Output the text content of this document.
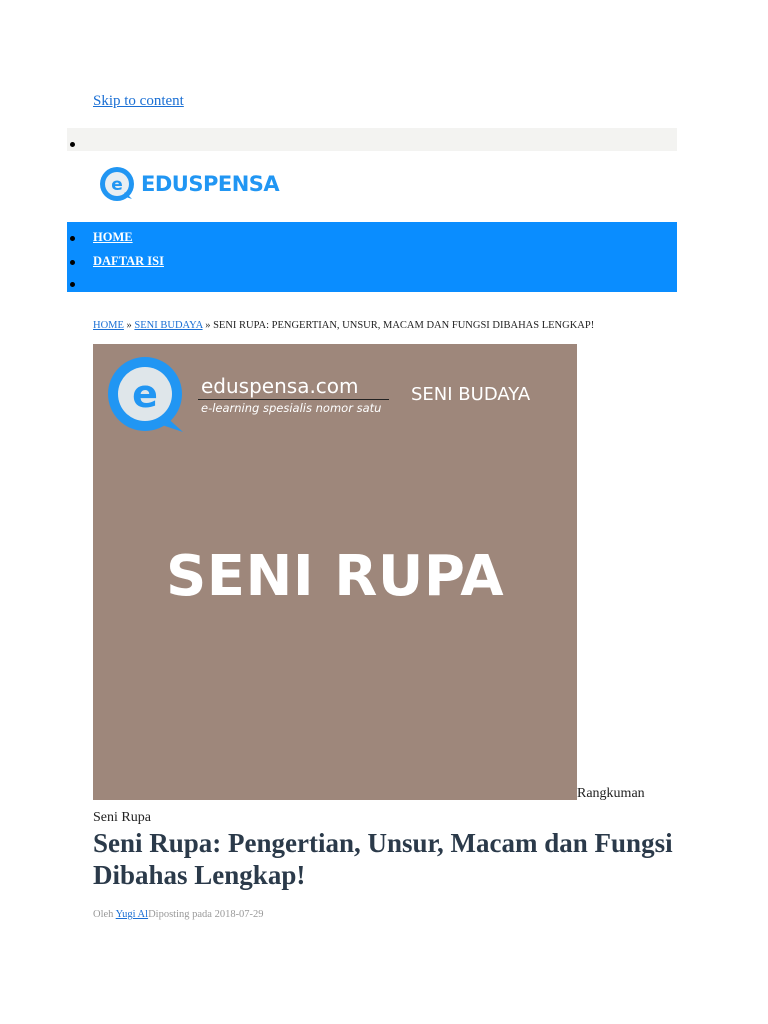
Skip to content
e EDUSPENSA
HOME
DAFTAR ISI
HOME » SENI BUDAYA » SENI RUPA: PENGERTIAN, UNSUR, MACAM DAN FUNGSI DIBAHAS LENGKAP!
e eduspensa.com
e-learning spesialis nomor satu
SENI BUDAYA
SENI RUPA
Rangkuman
Seni Rupa
Seni Rupa: Pengertian, Unsur, Macam dan Fungsi Dibahas Lengkap!
Oleh Yugi AlDiposting pada 2018-07-29
